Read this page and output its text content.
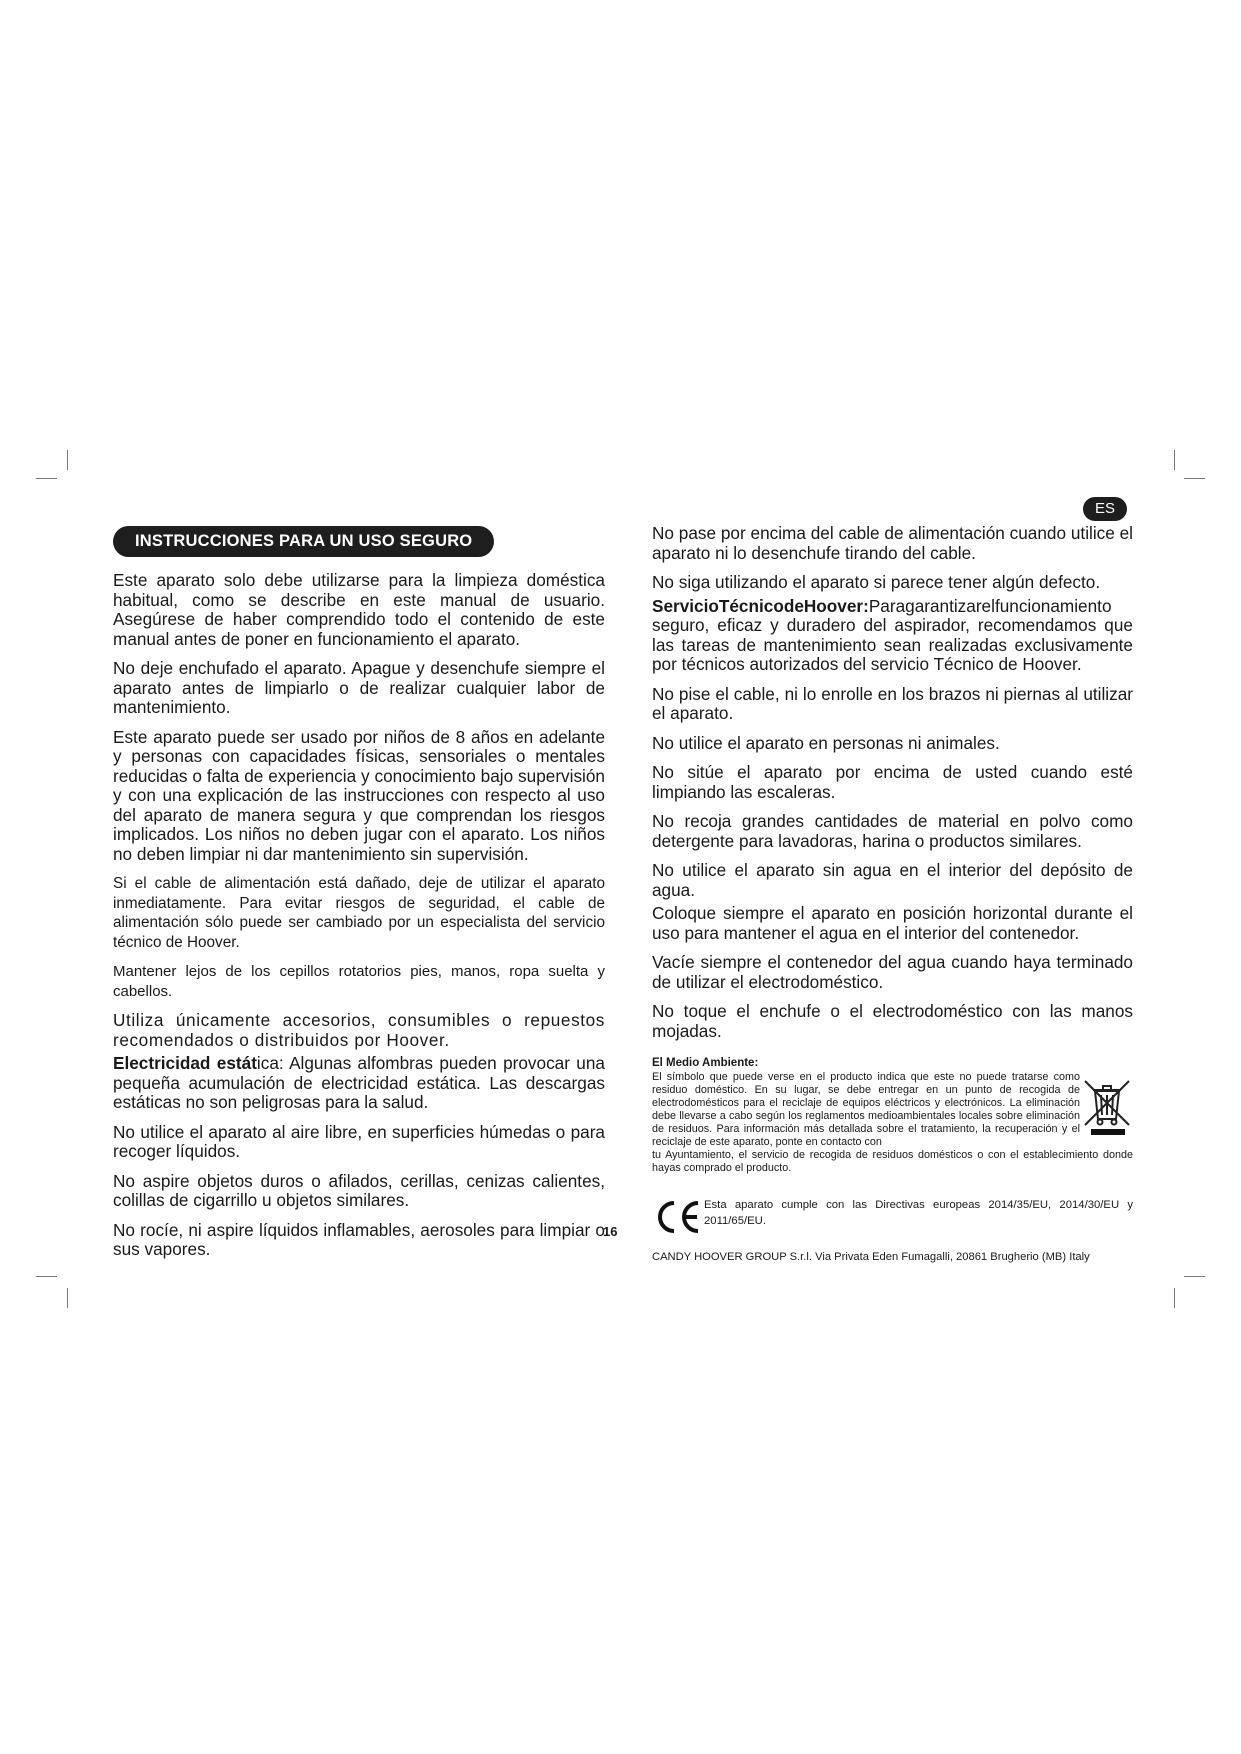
ES
INSTRUCCIONES PARA UN USO SEGURO

Este aparato solo debe utilizarse para la limpieza doméstica habitual, como se describe en este manual de usuario. Asegúrese de haber comprendido todo el contenido de este manual antes de poner en funcionamiento el aparato.

No deje enchufado el aparato. Apague y desenchufe siempre el aparato antes de limpiarlo o de realizar cualquier labor de mantenimiento.

Este aparato puede ser usado por niños de 8 años en adelante y personas con capacidades físicas, sensoriales o mentales reducidas o falta de experiencia y conocimiento bajo supervisión y con una explicación de las instrucciones con respecto al uso del aparato de manera segura y que comprendan los riesgos implicados. Los niños no deben jugar con el aparato. Los niños no deben limpiar ni dar mantenimiento sin supervisión.

Si el cable de alimentación está dañado, deje de utilizar el aparato inmediatamente. Para evitar riesgos de seguridad, el cable de alimentación sólo puede ser cambiado por un especialista del servicio técnico de Hoover.

Mantener lejos de los cepillos rotatorios pies, manos, ropa suelta y cabellos.

Utiliza únicamente accesorios, consumibles o repuestos recomendados o distribuidos por Hoover.

Electricidad estática: Algunas alfombras pueden provocar una pequeña acumulación de electricidad estática. Las descargas estáticas no son peligrosas para la salud.

No utilice el aparato al aire libre, en superficies húmedas o para recoger líquidos.

No aspire objetos duros o afilados, cerillas, cenizas calientes, colillas de cigarrillo u objetos similares.

No rocíe, ni aspire líquidos inflamables, aerosoles para limpiar o sus vapores.

No pase por encima del cable de alimentación cuando utilice el aparato ni lo desenchufe tirando del cable.

No siga utilizando el aparato si parece tener algún defecto.

ServicioTécnicodeHoover:Paragarantizarelfuncionamiento seguro, eficaz y duradero del aspirador, recomendamos que las tareas de mantenimiento sean realizadas exclusivamente por técnicos autorizados del servicio Técnico de Hoover.

No pise el cable, ni lo enrolle en los brazos ni piernas al utilizar el aparato.

No utilice el aparato en personas ni animales.

No sitúe el aparato por encima de usted cuando esté limpiando las escaleras.

No recoja grandes cantidades de material en polvo como detergente para lavadoras, harina o productos similares.

No utilice el aparato sin agua en el interior del depósito de agua.

Coloque siempre el aparato en posición horizontal durante el uso para mantener el agua en el interior del contenedor.

Vacíe siempre el contenedor del agua cuando haya terminado de utilizar el electrodoméstico.

No toque el enchufe o el electrodoméstico con las manos mojadas.

El Medio Ambiente:
El símbolo que puede verse en el producto indica que este no puede tratarse como residuo doméstico. En su lugar, se debe entregar en un punto de recogida de electrodomésticos para el reciclaje de equipos eléctricos y electrónicos. La eliminación debe llevarse a cabo según los reglamentos medioambientales locales sobre eliminación de residuos. Para información más detallada sobre el tratamiento, la recuperación y el reciclaje de este aparato, ponte en contacto con
tu Ayuntamiento, el servicio de recogida de residuos domésticos o con el establecimiento donde hayas comprado el producto.
Esta aparato cumple con las Directivas europeas 2014/35/EU, 2014/30/EU y 2011/65/EU.
CANDY HOOVER GROUP S.r.l. Via Privata Eden Fumagalli, 20861 Brugherio (MB) Italy
16
